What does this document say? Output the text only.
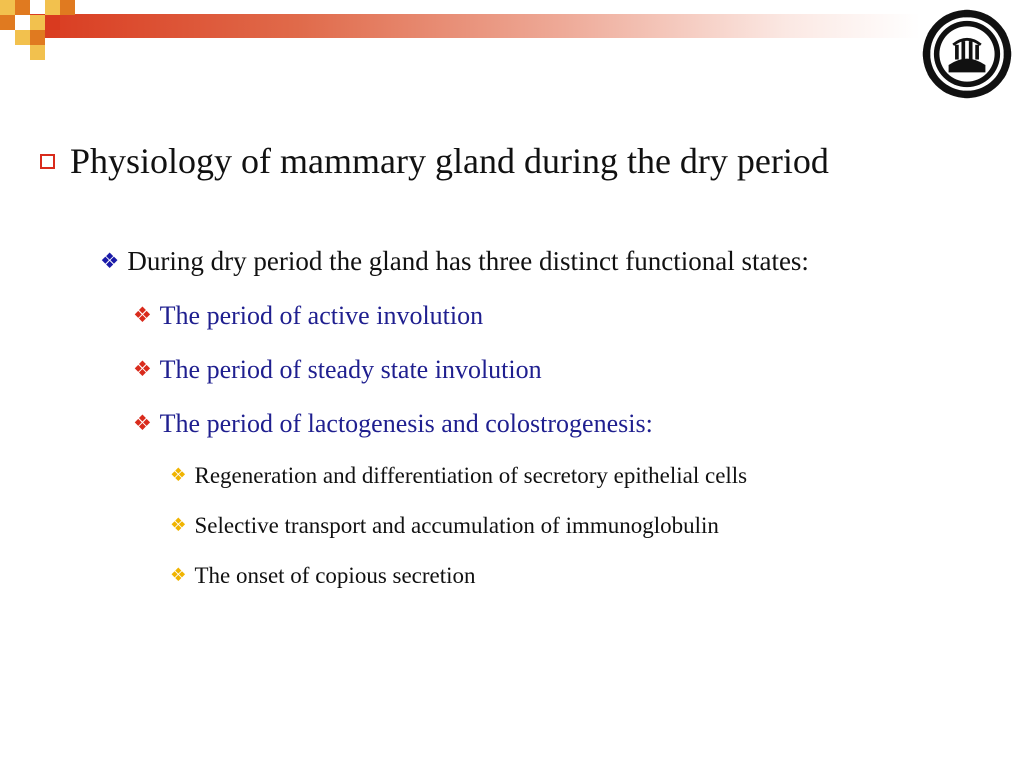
Physiology of mammary gland during the dry period
❖ During dry period the gland has three distinct functional states:
❖ The period of active involution
❖ The period of steady state involution
❖ The period of lactogenesis and colostrogenesis:
❖ Regeneration and differentiation of secretory epithelial cells
❖ Selective transport and accumulation of immunoglobulin
❖ The onset of copious secretion
